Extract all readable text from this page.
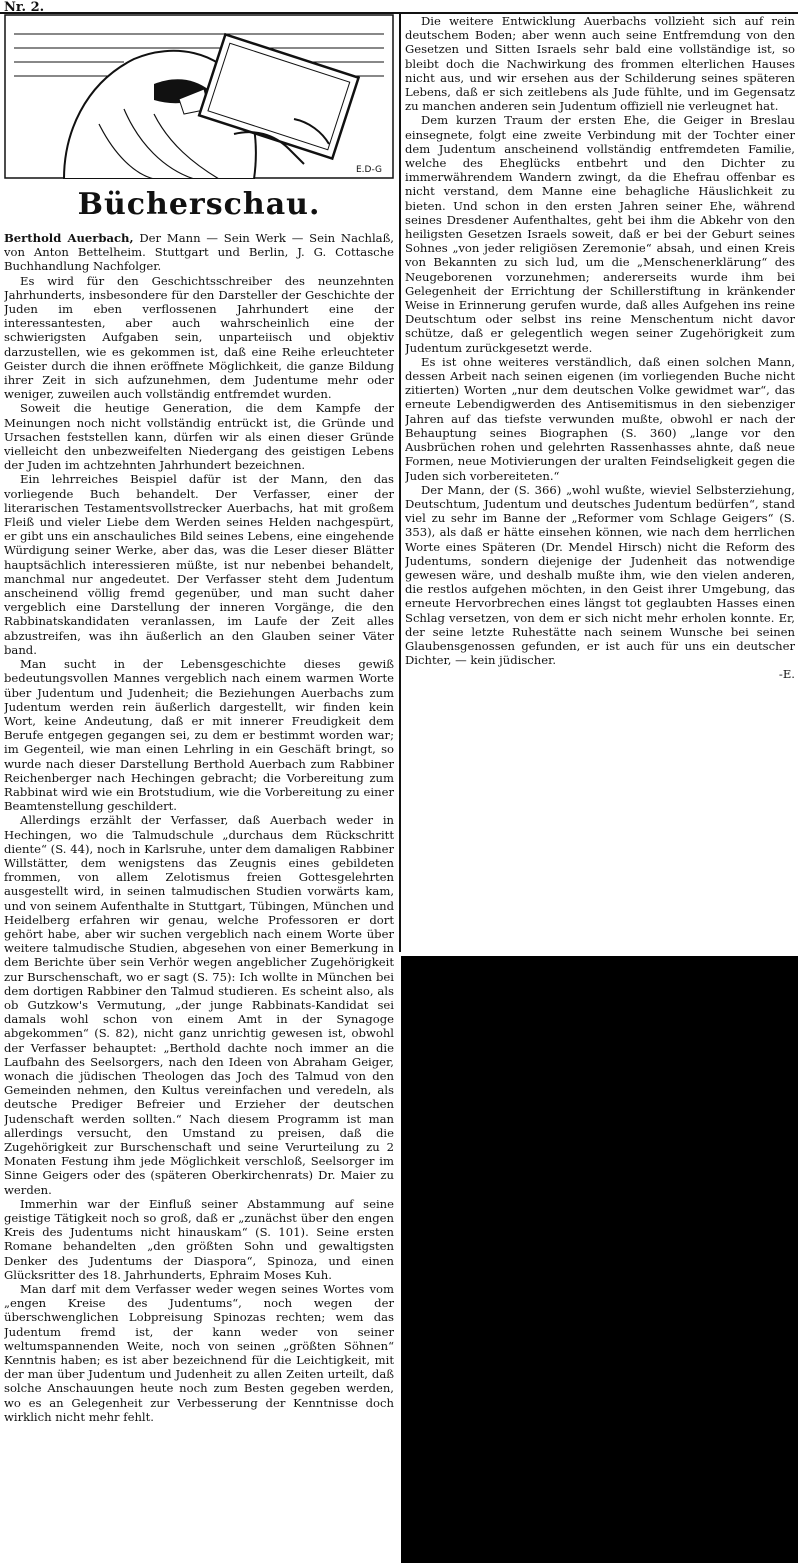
Nr. 2.
E.D-G
Bücherschau.

Berthold Auerbach, Der Mann — Sein Werk — Sein Nachlaß, von Anton Bettelheim. Stuttgart und Berlin, J. G. Cottasche Buchhandlung Nachfolger.

Es wird für den Geschichtsschreiber des neunzehnten Jahrhunderts, insbesondere für den Darsteller der Geschichte der Juden im eben verflossenen Jahrhundert eine der interessantesten, aber auch wahrscheinlich eine der schwierigsten Aufgaben sein, unparteiisch und objektiv darzustellen, wie es gekommen ist, daß eine Reihe erleuchteter Geister durch die ihnen eröffnete Möglichkeit, die ganze Bildung ihrer Zeit in sich aufzunehmen, dem Judentume mehr oder weniger, zuweilen auch vollständig entfremdet wurden.

Soweit die heutige Generation, die dem Kampfe der Meinungen noch nicht vollständig entrückt ist, die Gründe und Ursachen feststellen kann, dürfen wir als einen dieser Gründe vielleicht den unbezweifelten Niedergang des geistigen Lebens der Juden im achtzehnten Jahrhundert bezeichnen.

Ein lehrreiches Beispiel dafür ist der Mann, den das vorliegende Buch behandelt. Der Verfasser, einer der literarischen Testamentsvollstrecker Auerbachs, hat mit großem Fleiß und vieler Liebe dem Werden seines Helden nachgespürt, er gibt uns ein anschauliches Bild seines Lebens, eine eingehende Würdigung seiner Werke, aber das, was die Leser dieser Blätter hauptsächlich interessieren müßte, ist nur nebenbei behandelt, manchmal nur angedeutet. Der Verfasser steht dem Judentum anscheinend völlig fremd gegenüber, und man sucht daher vergeblich eine Darstellung der inneren Vorgänge, die den Rabbinatskandidaten veranlassen, im Laufe der Zeit alles abzustreifen, was ihn äußerlich an den Glauben seiner Väter band.

Man sucht in der Lebensgeschichte dieses gewiß bedeutungsvollen Mannes vergeblich nach einem warmen Worte über Judentum und Judenheit; die Beziehungen Auerbachs zum Judentum werden rein äußerlich dargestellt, wir finden kein Wort, keine Andeutung, daß er mit innerer Freudigkeit dem Berufe entgegen gegangen sei, zu dem er bestimmt worden war; im Gegenteil, wie man einen Lehrling in ein Geschäft bringt, so wurde nach dieser Darstellung Berthold Auerbach zum Rabbiner Reichenberger nach Hechingen gebracht; die Vorbereitung zum Rabbinat wird wie ein Brotstudium, wie die Vorbereitung zu einer Beamtenstellung geschildert.

Allerdings erzählt der Verfasser, daß Auerbach weder in Hechingen, wo die Talmudschule „durchaus dem Rückschritt diente“ (S. 44), noch in Karlsruhe, unter dem damaligen Rabbiner Willstätter, dem wenigstens das Zeugnis eines gebildeten frommen, von allem Zelotismus freien Gottesgelehrten ausgestellt wird, in seinen talmudischen Studien vorwärts kam, und von seinem Aufenthalte in Stuttgart, Tübingen, München und Heidelberg erfahren wir genau, welche Professoren er dort gehört habe, aber wir suchen vergeblich nach einem Worte über weitere talmudische Studien, abgesehen von einer Bemerkung in dem Berichte über sein Verhör wegen angeblicher Zugehörigkeit zur Burschenschaft, wo er sagt (S. 75): Ich wollte in München bei dem dortigen Rabbiner den Talmud studieren. Es scheint also, als ob Gutzkow's Vermutung, „der junge Rabbinats-Kandidat sei damals wohl schon von einem Amt in der Synagoge abgekommen“ (S. 82), nicht ganz unrichtig gewesen ist, obwohl der Verfasser behauptet: „Berthold dachte noch immer an die Laufbahn des Seelsorgers, nach den Ideen von Abraham Geiger, wonach die jüdischen Theologen das Joch des Talmud von den Gemeinden nehmen, den Kultus vereinfachen und veredeln, als deutsche Prediger Befreier und Erzieher der deutschen Judenschaft werden sollten.“ Nach diesem Programm ist man allerdings versucht, den Umstand zu preisen, daß die Zugehörigkeit zur Burschenschaft und seine Verurteilung zu 2 Monaten Festung ihm jede Möglichkeit verschloß, Seelsorger im Sinne Geigers oder des (späteren Oberkirchenrats) Dr. Maier zu werden.

Immerhin war der Einfluß seiner Abstammung auf seine geistige Tätigkeit noch so groß, daß er „zunächst über den engen Kreis des Judentums nicht hinauskam“ (S. 101). Seine ersten Romane behandelten „den größten Sohn und gewaltigsten Denker des Judentums der Diaspora“, Spinoza, und einen Glücksritter des 18. Jahrhunderts, Ephraim Moses Kuh.

Man darf mit dem Verfasser weder wegen seines Wortes vom „engen Kreise des Judentums“, noch wegen der überschwenglichen Lobpreisung Spinozas rechten; wem das Judentum fremd ist, der kann weder von seiner weltumspannenden Weite, noch von seinen „größten Söhnen“ Kenntnis haben; es ist aber bezeichnend für die Leichtigkeit, mit der man über Judentum und Judenheit zu allen Zeiten urteilt, daß solche Anschauungen heute noch zum Besten gegeben werden, wo es an Gelegenheit zur Verbesserung der Kenntnisse doch wirklich nicht mehr fehlt.

Die weitere Entwicklung Auerbachs vollzieht sich auf rein deutschem Boden; aber wenn auch seine Entfremdung von den Gesetzen und Sitten Israels sehr bald eine vollständige ist, so bleibt doch die Nachwirkung des frommen elterlichen Hauses nicht aus, und wir ersehen aus der Schilderung seines späteren Lebens, daß er sich zeitlebens als Jude fühlte, und im Gegensatz zu manchen anderen sein Judentum offiziell nie verleugnet hat.

Dem kurzen Traum der ersten Ehe, die Geiger in Breslau einsegnete, folgt eine zweite Verbindung mit der Tochter einer dem Judentum anscheinend vollständig entfremdeten Familie, welche des Eheglücks entbehrt und den Dichter zu immerwährendem Wandern zwingt, da die Ehefrau offenbar es nicht verstand, dem Manne eine behagliche Häuslichkeit zu bieten. Und schon in den ersten Jahren seiner Ehe, während seines Dresdener Aufenthaltes, geht bei ihm die Abkehr von den heiligsten Gesetzen Israels soweit, daß er bei der Geburt seines Sohnes „von jeder religiösen Zeremonie“ absah, und einen Kreis von Bekannten zu sich lud, um die „Menschenerklärung“ des Neugeborenen vorzunehmen; andererseits wurde ihm bei Gelegenheit der Errichtung der Schillerstiftung in kränkender Weise in Erinnerung gerufen wurde, daß alles Aufgehen ins reine Deutschtum oder selbst ins reine Menschentum nicht davor schütze, daß er gelegentlich wegen seiner Zugehörigkeit zum Judentum zurückgesetzt werde.

Es ist ohne weiteres verständlich, daß einen solchen Mann, dessen Arbeit nach seinen eigenen (im vorliegenden Buche nicht zitierten) Worten „nur dem deutschen Volke gewidmet war“, das erneute Lebendigwerden des Antisemitismus in den siebenziger Jahren auf das tiefste verwunden mußte, obwohl er nach der Behauptung seines Biographen (S. 360) „lange vor den Ausbrüchen rohen und gelehrten Rassenhasses ahnte, daß neue Formen, neue Motivierungen der uralten Feindseligkeit gegen die Juden sich vorbereiteten.“

Der Mann, der (S. 366) „wohl wußte, wieviel Selbsterziehung, Deutschtum, Judentum und deutsches Judentum bedürfen“, stand viel zu sehr im Banne der „Reformer vom Schlage Geigers“ (S. 353), als daß er hätte einsehen können, wie nach dem herrlichen Worte eines Späteren (Dr. Mendel Hirsch) nicht die Reform des Judentums, sondern diejenige der Judenheit das notwendige gewesen wäre, und deshalb mußte ihm, wie den vielen anderen, die restlos aufgehen möchten, in den Geist ihrer Umgebung, das erneute Hervorbrechen eines längst tot geglaubten Hasses einen Schlag versetzen, von dem er sich nicht mehr erholen konnte. Er, der seine letzte Ruhestätte nach seinem Wunsche bei seinen Glaubensgenossen gefunden, er ist auch für uns ein deutscher Dichter, — kein jüdischer.

-E.
